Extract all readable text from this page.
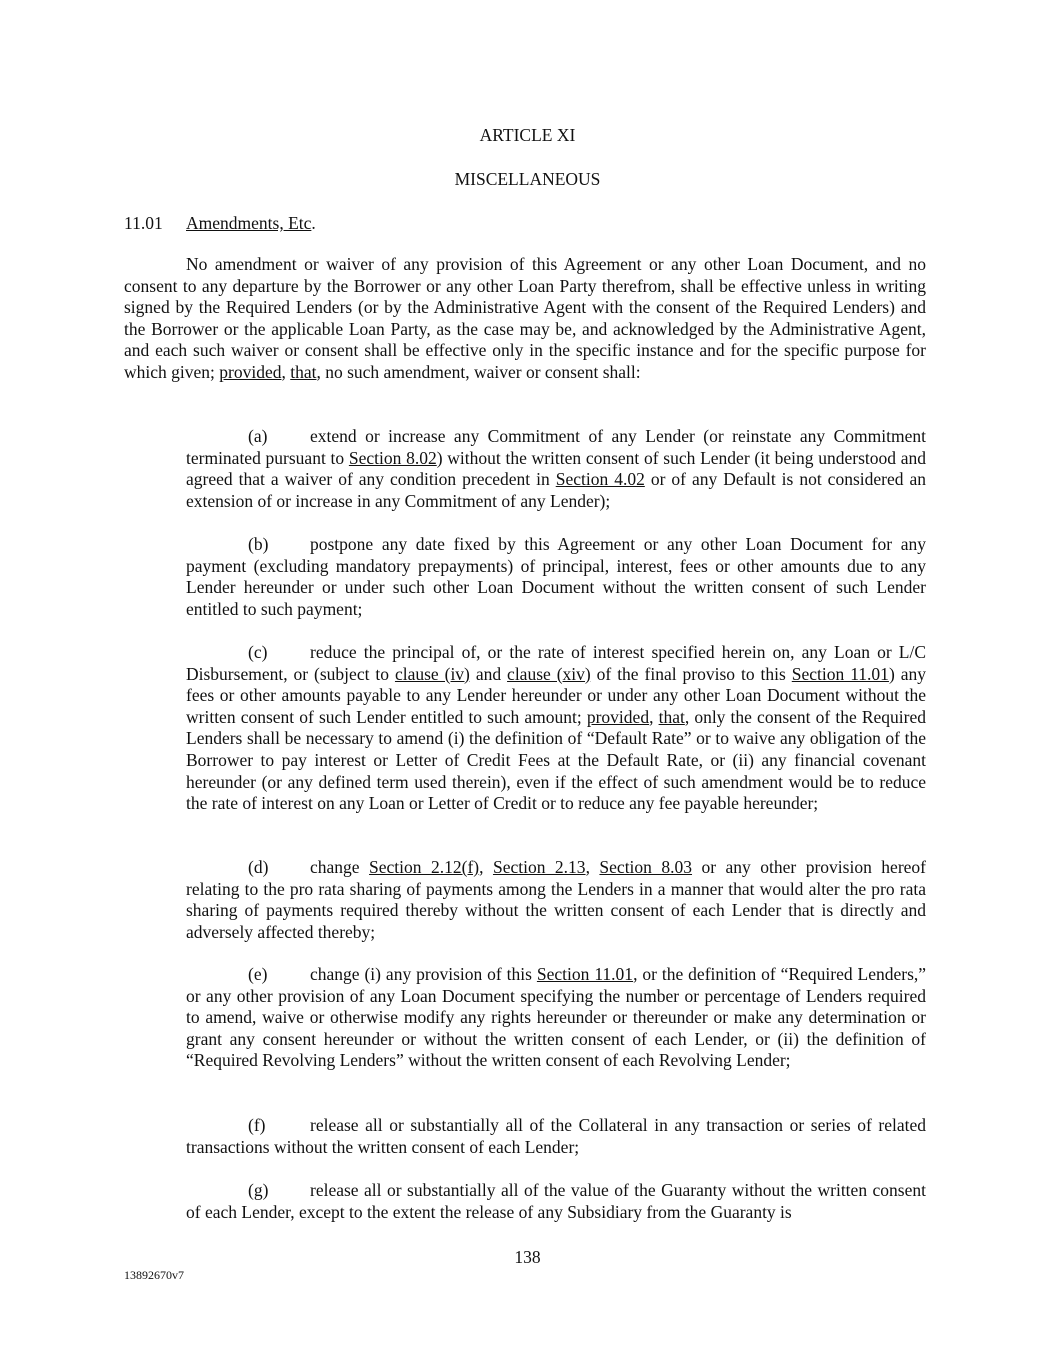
ARTICLE XI
MISCELLANEOUS
11.01 Amendments, Etc.

No amendment or waiver of any provision of this Agreement or any other Loan Document, and no consent to any departure by the Borrower or any other Loan Party therefrom, shall be effective unless in writing signed by the Required Lenders (or by the Administrative Agent with the consent of the Required Lenders) and the Borrower or the applicable Loan Party, as the case may be, and acknowledged by the Administrative Agent, and each such waiver or consent shall be effective only in the specific instance and for the specific purpose for which given; provided, that, no such amendment, waiver or consent shall:

(a) extend or increase any Commitment of any Lender (or reinstate any Commitment terminated pursuant to Section 8.02) without the written consent of such Lender (it being understood and agreed that a waiver of any condition precedent in Section 4.02 or of any Default is not considered an extension of or increase in any Commitment of any Lender);

(b) postpone any date fixed by this Agreement or any other Loan Document for any payment (excluding mandatory prepayments) of principal, interest, fees or other amounts due to any Lender hereunder or under such other Loan Document without the written consent of such Lender entitled to such payment;

(c) reduce the principal of, or the rate of interest specified herein on, any Loan or L/C Disbursement, or (subject to clause (iv) and clause (xiv) of the final proviso to this Section 11.01) any fees or other amounts payable to any Lender hereunder or under any other Loan Document without the written consent of such Lender entitled to such amount; provided, that, only the consent of the Required Lenders shall be necessary to amend (i) the definition of “Default Rate” or to waive any obligation of the Borrower to pay interest or Letter of Credit Fees at the Default Rate, or (ii) any financial covenant hereunder (or any defined term used therein), even if the effect of such amendment would be to reduce the rate of interest on any Loan or Letter of Credit or to reduce any fee payable hereunder;

(d) change Section 2.12(f), Section 2.13, Section 8.03 or any other provision hereof relating to the pro rata sharing of payments among the Lenders in a manner that would alter the pro rata sharing of payments required thereby without the written consent of each Lender that is directly and adversely affected thereby;

(e) change (i) any provision of this Section 11.01, or the definition of “Required Lenders,” or any other provision of any Loan Document specifying the number or percentage of Lenders required to amend, waive or otherwise modify any rights hereunder or thereunder or make any determination or grant any consent hereunder or without the written consent of each Lender, or (ii) the definition of “Required Revolving Lenders” without the written consent of each Revolving Lender;

(f)	release all or substantially all of the Collateral in any transaction or series of related transactions without the written consent of each Lender;

(g) release all or substantially all of the value of the Guaranty without the written consent of each Lender, except to the extent the release of any Subsidiary from the Guaranty is

138
13892670v7
